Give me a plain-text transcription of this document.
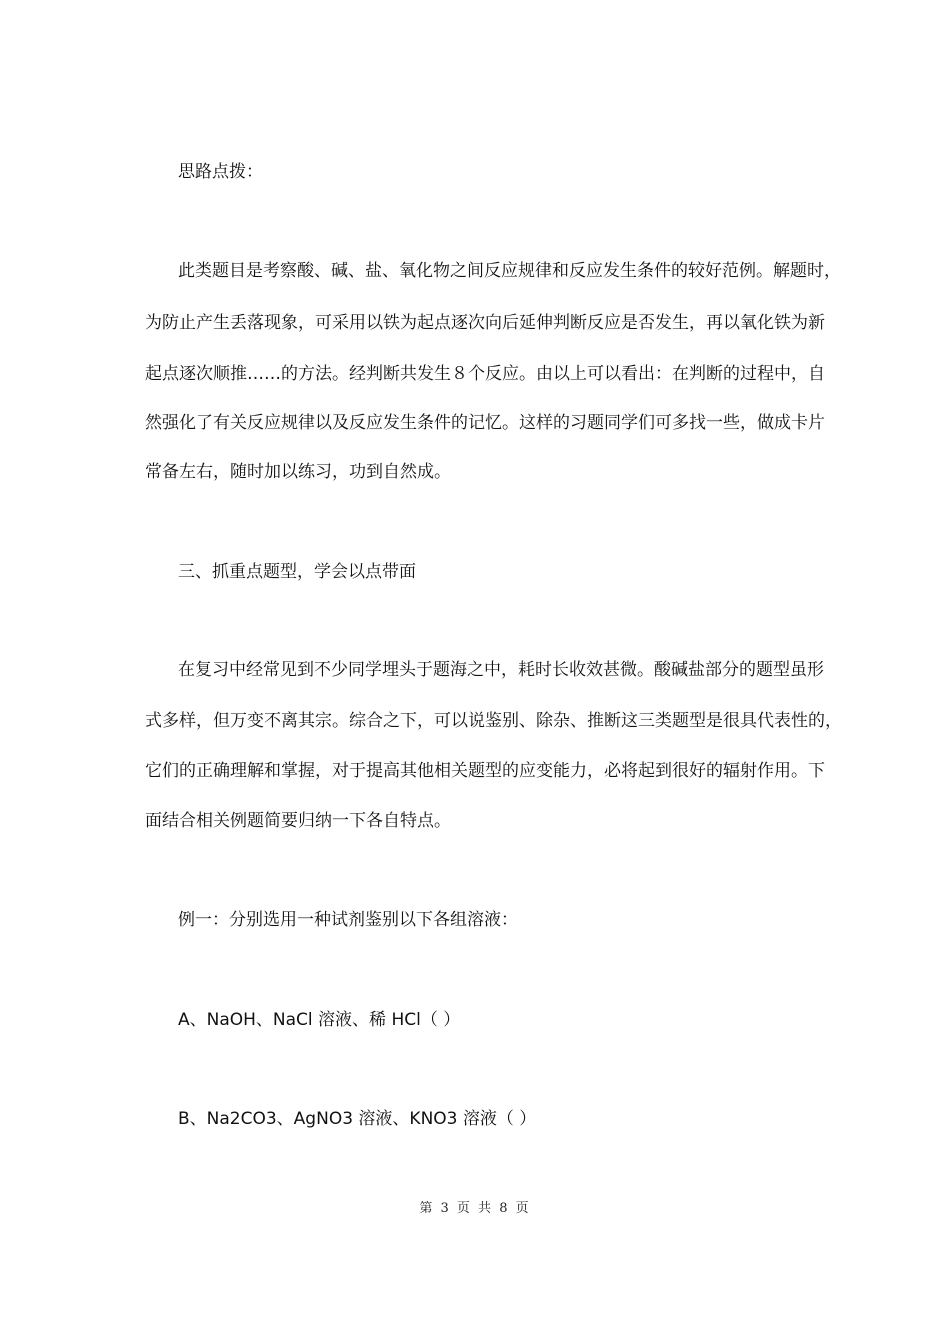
思路点拨：
此类题目是考察酸、碱、盐、氧化物之间反应规律和反应发生条件的较好范例。解题时，
为防止产生丢落现象，可采用以铁为起点逐次向后延伸判断反应是否发生，再以氧化铁为新
起点逐次顺推……的方法。经判断共发生８个反应。由以上可以看出：在判断的过程中，自
然强化了有关反应规律以及反应发生条件的记忆。这样的习题同学们可多找一些，做成卡片
常备左右，随时加以练习，功到自然成。
三、抓重点题型，学会以点带面
在复习中经常见到不少同学埋头于题海之中，耗时长收效甚微。酸碱盐部分的题型虽形
式多样，但万变不离其宗。综合之下，可以说鉴别、除杂、推断这三类题型是很具代表性的，
它们的正确理解和掌握，对于提高其他相关题型的应变能力，必将起到很好的辐射作用。下
面结合相关例题简要归纳一下各自特点。
例一：分别选用一种试剂鉴别以下各组溶液：
A、NaOH、NaCl 溶液、稀 HCl（ ）
B、Na2CO3、AgNO3 溶液、KNO3 溶液（ ）
第 3 页 共 8 页
